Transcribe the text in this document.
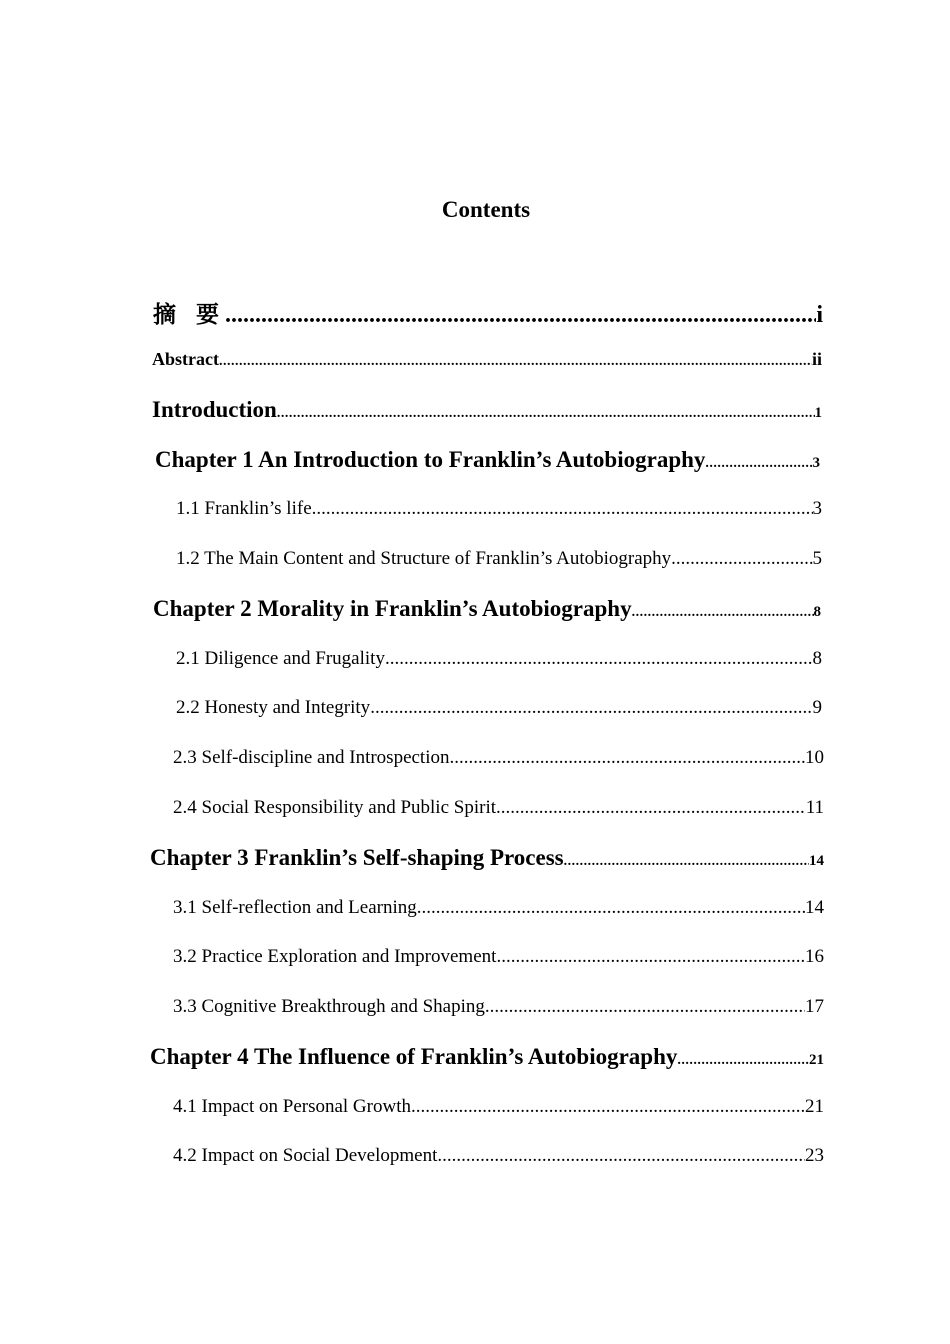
Contents
摘 要 .....	i
Abstract .....	ii
Introduction .....	1
Chapter 1 An Introduction to Franklin’s Autobiography .....	3
1.1 Franklin’s life .....	3
1.2 The Main Content and Structure of Franklin’s Autobiography .....	5
Chapter 2 Morality in Franklin’s Autobiography .....	8
2.1 Diligence and Frugality .....	8
2.2 Honesty and Integrity .....	9
2.3 Self-discipline and Introspection .....	10
2.4 Social Responsibility and Public Spirit .....	11
Chapter 3 Franklin’s Self-shaping Process .....	14
3.1 Self-reflection and Learning .....	14
3.2 Practice Exploration and Improvement .....	16
3.3 Cognitive Breakthrough and Shaping .....	17
Chapter 4 The Influence of Franklin’s Autobiography .....	21
4.1 Impact on Personal Growth .....	21
4.2 Impact on Social Development .....	23
